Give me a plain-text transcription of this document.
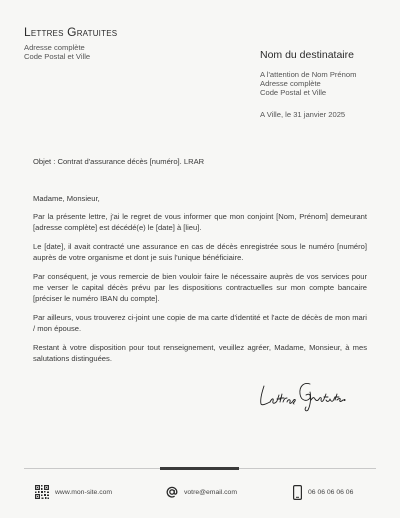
Lettres Gratuites
Adresse complète
Code Postal et Ville	Nom du destinataire
A l'attention de Nom Prénom
Adresse complète
Code Postal et Ville
A Ville, le 31 janvier 2025
Objet : Contrat d'assurance décès [numéro]. LRAR

Madame, Monsieur,

Par la présente lettre, j'ai le regret de vous informer que mon conjoint [Nom, Prénom] demeurant [adresse complète] est décédé(e) le [date] à [lieu].

Le [date], il avait contracté une assurance en cas de décès enregistrée sous le numéro [numéro] auprès de votre organisme et dont je suis l'unique bénéficiaire.

Par conséquent, je vous remercie de bien vouloir faire le nécessaire auprès de vos services pour me verser le capital décès prévu par les dispositions contractuelles sur mon compte bancaire [préciser le numéro IBAN du compte].

Par ailleurs, vous trouverez ci-joint une copie de ma carte d'identité et l'acte de décès de mon mari / mon épouse.

Restant à votre disposition pour tout renseignement, veuillez agréer, Madame, Monsieur, à mes salutations distinguées.

www.mon-site.com	votre@email.com	06 06 06 06 06
